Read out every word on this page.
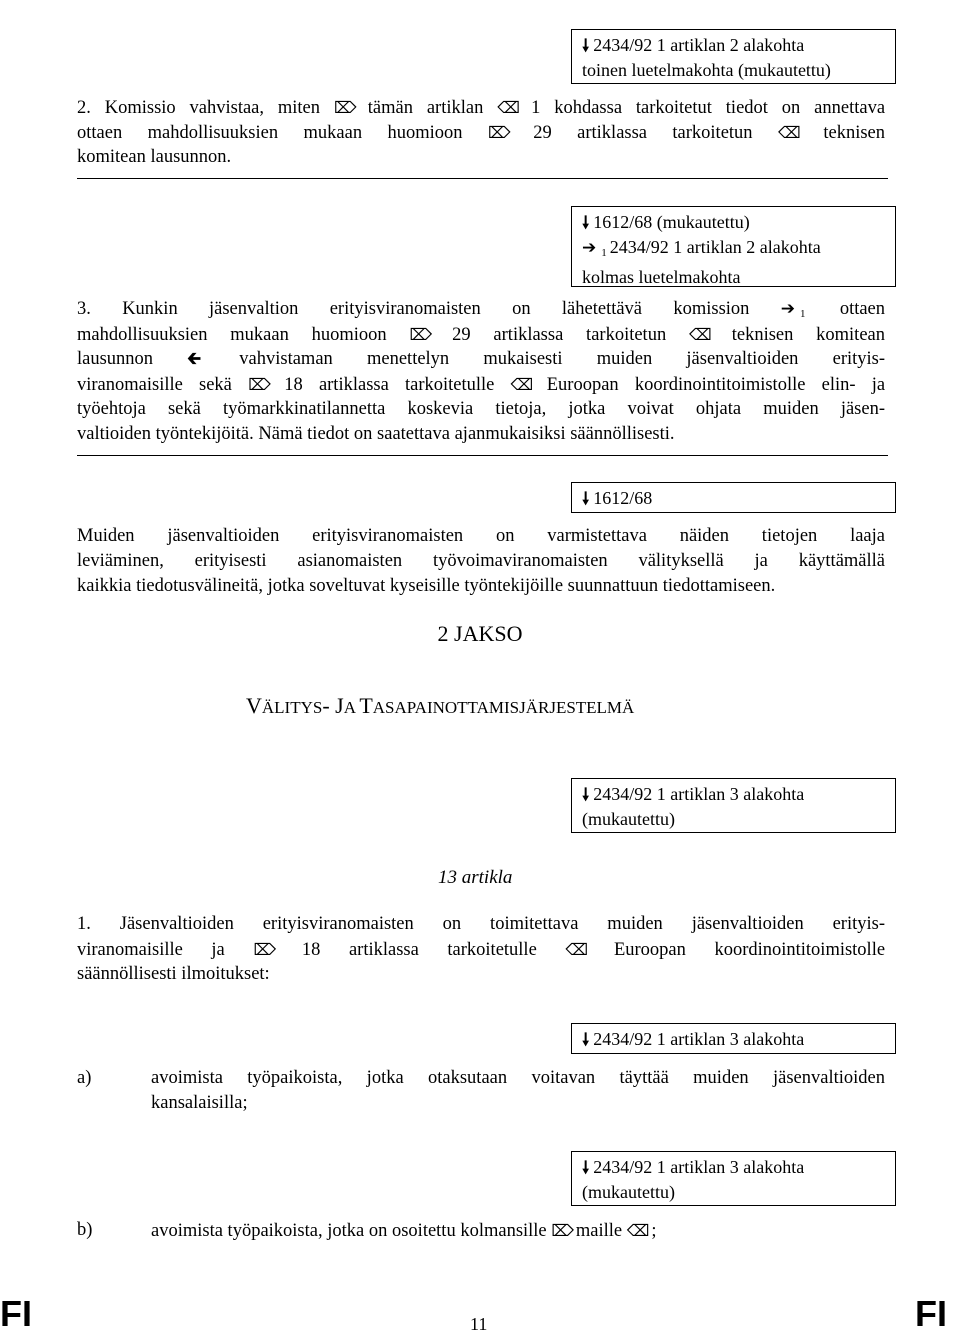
🠗 2434/92 1 artiklan 2 alakohta
toinen luetelmakohta (mukautettu)
2. Komissio vahvistaa, miten ⌦ tämän artiklan ⌫ 1 kohdassa tarkoitetut tiedot on annettava
ottaen mahdollisuuksien mukaan huomioon ⌦ 29 artiklassa tarkoitetun ⌫ teknisen
komitean lausunnon.
🠗 1612/68 (mukautettu)
➔ $_1$ 2434/92 1 artiklan 2 alakohta
kolmas luetelmakohta
3. Kunkin jäsenvaltion erityisviranomaisten on lähetettävä komission ➔ $_1$ ottaen
mahdollisuuksien mukaan huomioon ⌦ 29 artiklassa tarkoitetun ⌫ teknisen komitean
lausunnon 🡰 vahvistaman menettelyn mukaisesti muiden jäsenvaltioiden erityis-
viranomaisille sekä ⌦ 18 artiklassa tarkoitetulle ⌫ Euroopan koordinointitoimistolle elin- ja
työehtoja sekä työmarkkinatilannetta koskevia tietoja, jotka voivat ohjata muiden jäsen-
valtioiden työntekijöitä. Nämä tiedot on saatettava ajanmukaisiksi säännöllisesti.
🠗 1612/68
Muiden jäsenvaltioiden erityisviranomaisten on varmistettava näiden tietojen laaja
leviäminen, erityisesti asianomaisten työvoimaviranomaisten välityksellä ja käyttämällä
kaikkia tiedotusvälineitä, jotka soveltuvat kyseisille työntekijöille suunnattuun tiedottamiseen.
2 JAKSO
VÄLITYS- JA TASAPAINOTTAMISJÄRJESTELMÄ
🠗 2434/92 1 artiklan 3 alakohta
(mukautettu)
13 artikla
1. Jäsenvaltioiden erityisviranomaisten on toimitettava muiden jäsenvaltioiden erityis-
viranomaisille ja ⌦ 18 artiklassa tarkoitetulle ⌫ Euroopan koordinointitoimistolle
säännöllisesti ilmoitukset:
🠗 2434/92 1 artiklan 3 alakohta
a)	avoimista työpaikoista, jotka otaksutaan voitavan täyttää muiden jäsenvaltioiden
kansalaisilla;
🠗 2434/92 1 artiklan 3 alakohta
(mukautettu)
b)	avoimista työpaikoista, jotka on osoitettu kolmansille ⌦ maille ⌫ ;
FI	11	FI
